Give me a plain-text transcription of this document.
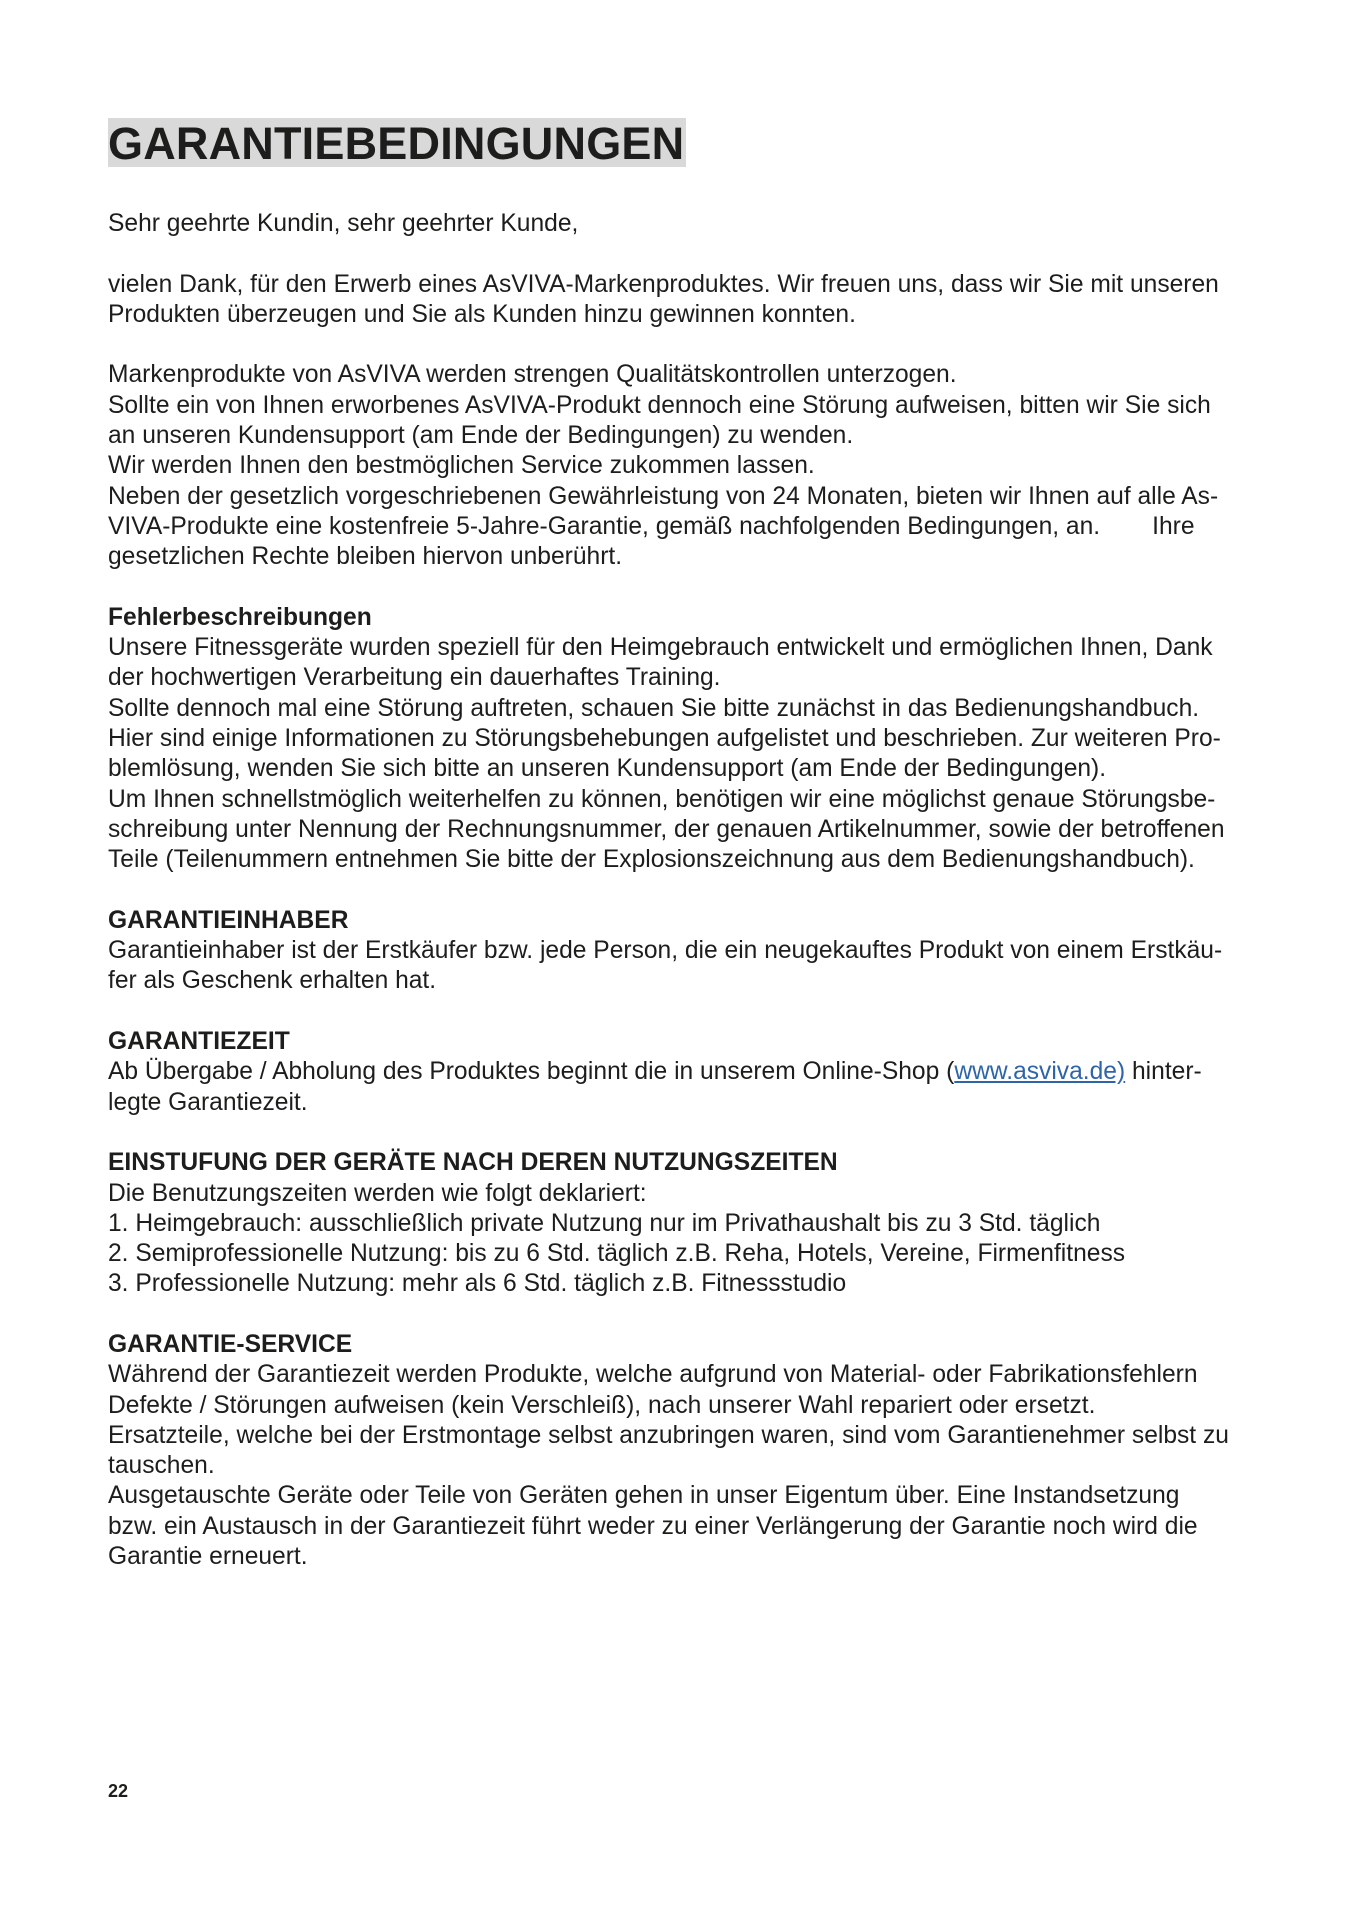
GARANTIEBEDINGUNGEN

Sehr geehrte Kundin, sehr geehrter Kunde,

vielen Dank, für den Erwerb eines AsVIVA-Markenproduktes. Wir freuen uns, dass wir Sie mit unseren
Produkten überzeugen und Sie als Kunden hinzu gewinnen konnten.
Markenprodukte von AsVIVA werden strengen Qualitätskontrollen unterzogen.
Sollte ein von Ihnen erworbenes AsVIVA-Produkt dennoch eine Störung aufweisen, bitten wir Sie sich
an unseren Kundensupport (am Ende der Bedingungen) zu wenden.
Wir werden Ihnen den bestmöglichen Service zukommen lassen.
Neben der gesetzlich vorgeschriebenen Gewährleistung von 24 Monaten, bieten wir Ihnen auf alle As-
VIVA-Produkte eine kostenfreie 5-Jahre-Garantie, gemäß nachfolgenden Bedingungen, an. Ihre
gesetzlichen Rechte bleiben hiervon unberührt.
Fehlerbeschreibungen
Unsere Fitnessgeräte wurden speziell für den Heimgebrauch entwickelt und ermöglichen Ihnen, Dank
der hochwertigen Verarbeitung ein dauerhaftes Training.
Sollte dennoch mal eine Störung auftreten, schauen Sie bitte zunächst in das Bedienungshandbuch.
Hier sind einige Informationen zu Störungsbehebungen aufgelistet und beschrieben. Zur weiteren Pro-
blemlösung, wenden Sie sich bitte an unseren Kundensupport (am Ende der Bedingungen).
Um Ihnen schnellstmöglich weiterhelfen zu können, benötigen wir eine möglichst genaue Störungsbe-
schreibung unter Nennung der Rechnungsnummer, der genauen Artikelnummer, sowie der betroffenen
Teile (Teilenummern entnehmen Sie bitte der Explosionszeichnung aus dem Bedienungshandbuch).
GARANTIEINHABER
Garantieinhaber ist der Erstkäufer bzw. jede Person, die ein neugekauftes Produkt von einem Erstkäu-
fer als Geschenk erhalten hat.
GARANTIEZEIT
Ab Übergabe / Abholung des Produktes beginnt die in unserem Online-Shop (www.asviva.de) hinter-
legte Garantiezeit.
EINSTUFUNG DER GERÄTE NACH DEREN NUTZUNGSZEITEN
Die Benutzungszeiten werden wie folgt deklariert:
1. Heimgebrauch: ausschließlich private Nutzung nur im Privathaushalt bis zu 3 Std. täglich
2. Semiprofessionelle Nutzung: bis zu 6 Std. täglich z.B. Reha, Hotels, Vereine, Firmenfitness
3. Professionelle Nutzung: mehr als 6 Std. täglich z.B. Fitnessstudio
GARANTIE-SERVICE
Während der Garantiezeit werden Produkte, welche aufgrund von Material- oder Fabrikationsfehlern
Defekte / Störungen aufweisen (kein Verschleiß), nach unserer Wahl repariert oder ersetzt.
Ersatzteile, welche bei der Erstmontage selbst anzubringen waren, sind vom Garantienehmer selbst zu
tauschen.
Ausgetauschte Geräte oder Teile von Geräten gehen in unser Eigentum über. Eine Instandsetzung
bzw. ein Austausch in der Garantiezeit führt weder zu einer Verlängerung der Garantie noch wird die
Garantie erneuert.
22
